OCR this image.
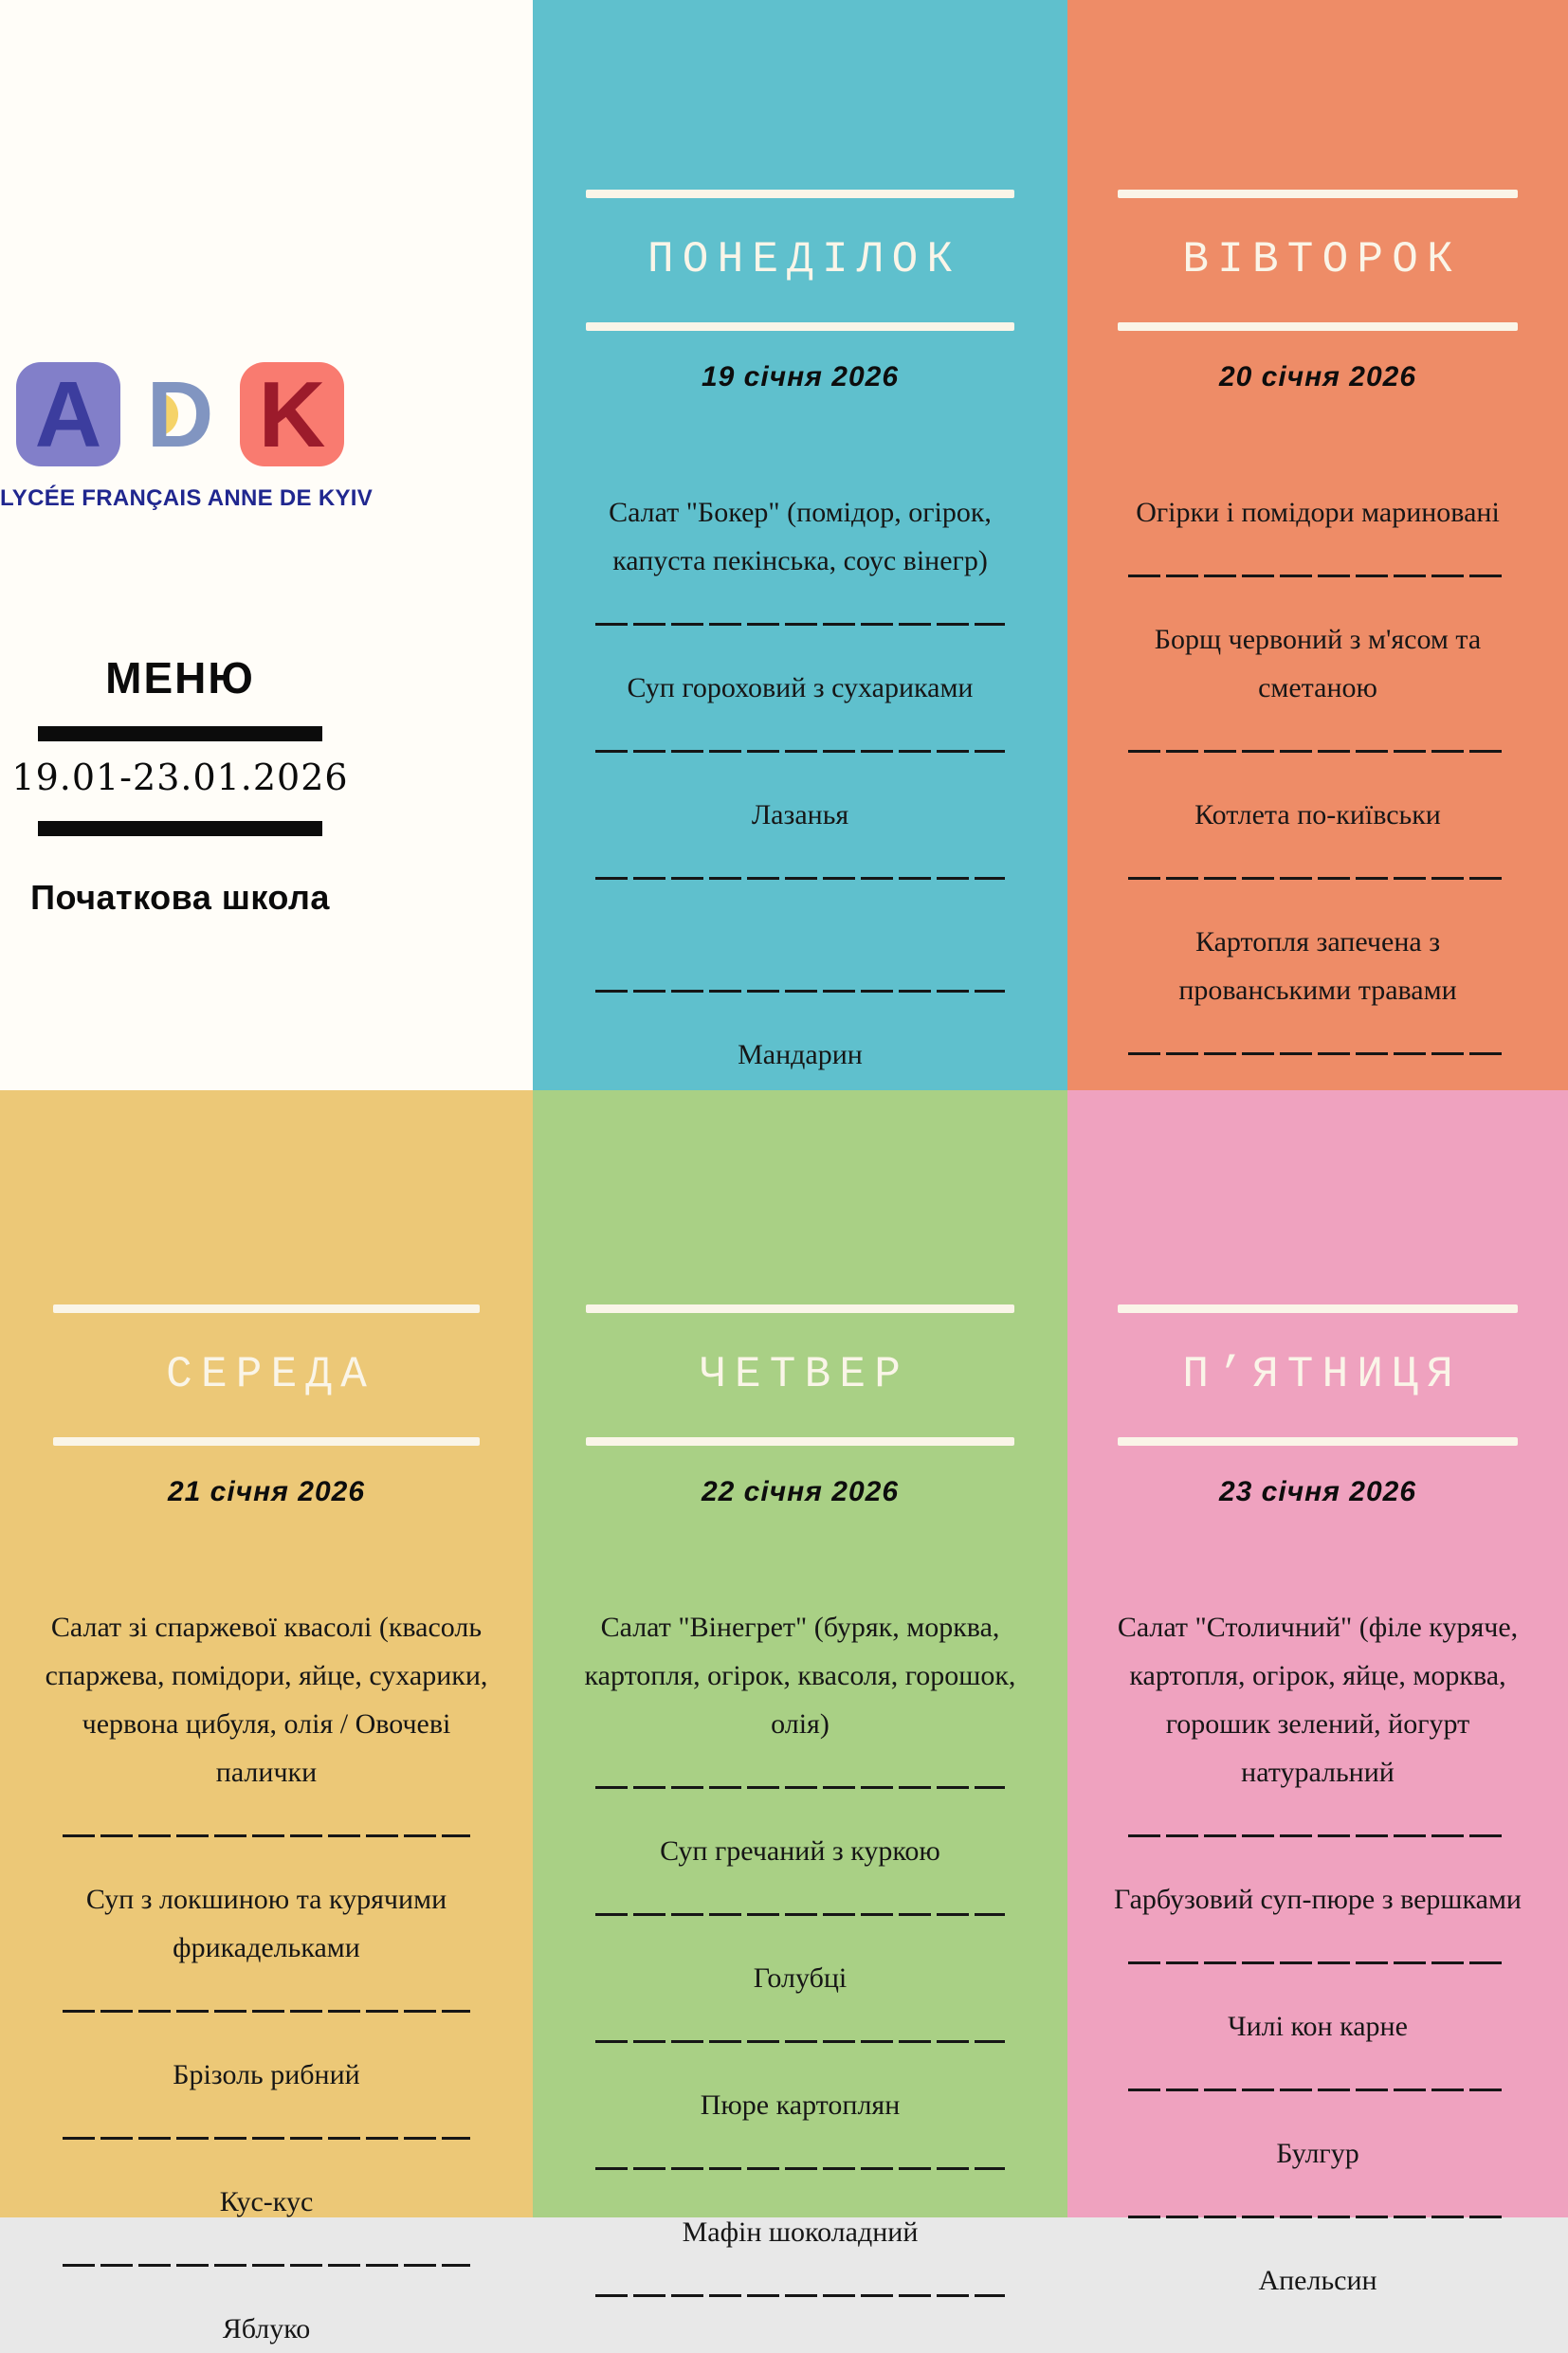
A D K
LYCÉE FRANÇAIS ANNE DE KYIV
МЕНЮ
19.01-23.01.2026
Початкова школа
ПОНЕДІЛОК
19 січня 2026
Салат "Бокер" (помідор, огірок, капуста пекінська, соус вінегр)
Суп гороховий з сухариками
Лазанья
Мандарин
ВІВТОРОК
20 січня 2026
Огірки і помідори мариновані
Борщ червоний з м'ясом та сметаною
Котлета по-київськи
Картопля запечена з прованськими травами
СЕРЕДА
21 січня 2026
Салат зі спаржевої квасолі (квасоль спаржева, помідори, яйце, сухарики, червона цибуля, олія / Овочеві палички
Суп з локшиною та курячими фрикадельками
Брізоль рибний
Кус-кус
Яблуко
ЧЕТВЕР
22 січня 2026
Салат "Вінегрет" (буряк, морква, картопля, огірок, квасоля, горошок, олія)
Суп гречаний з куркою
Голубці
Пюре картоплян
Мафін шоколадний
П’ЯТНИЦЯ
23 січня 2026
Салат "Столичний" (філе куряче, картопля, огірок, яйце, морква, горошик зелений, йогурт натуральний
Гарбузовий суп-пюре з вершками
Чилі кон карне
Булгур
Апельсин
